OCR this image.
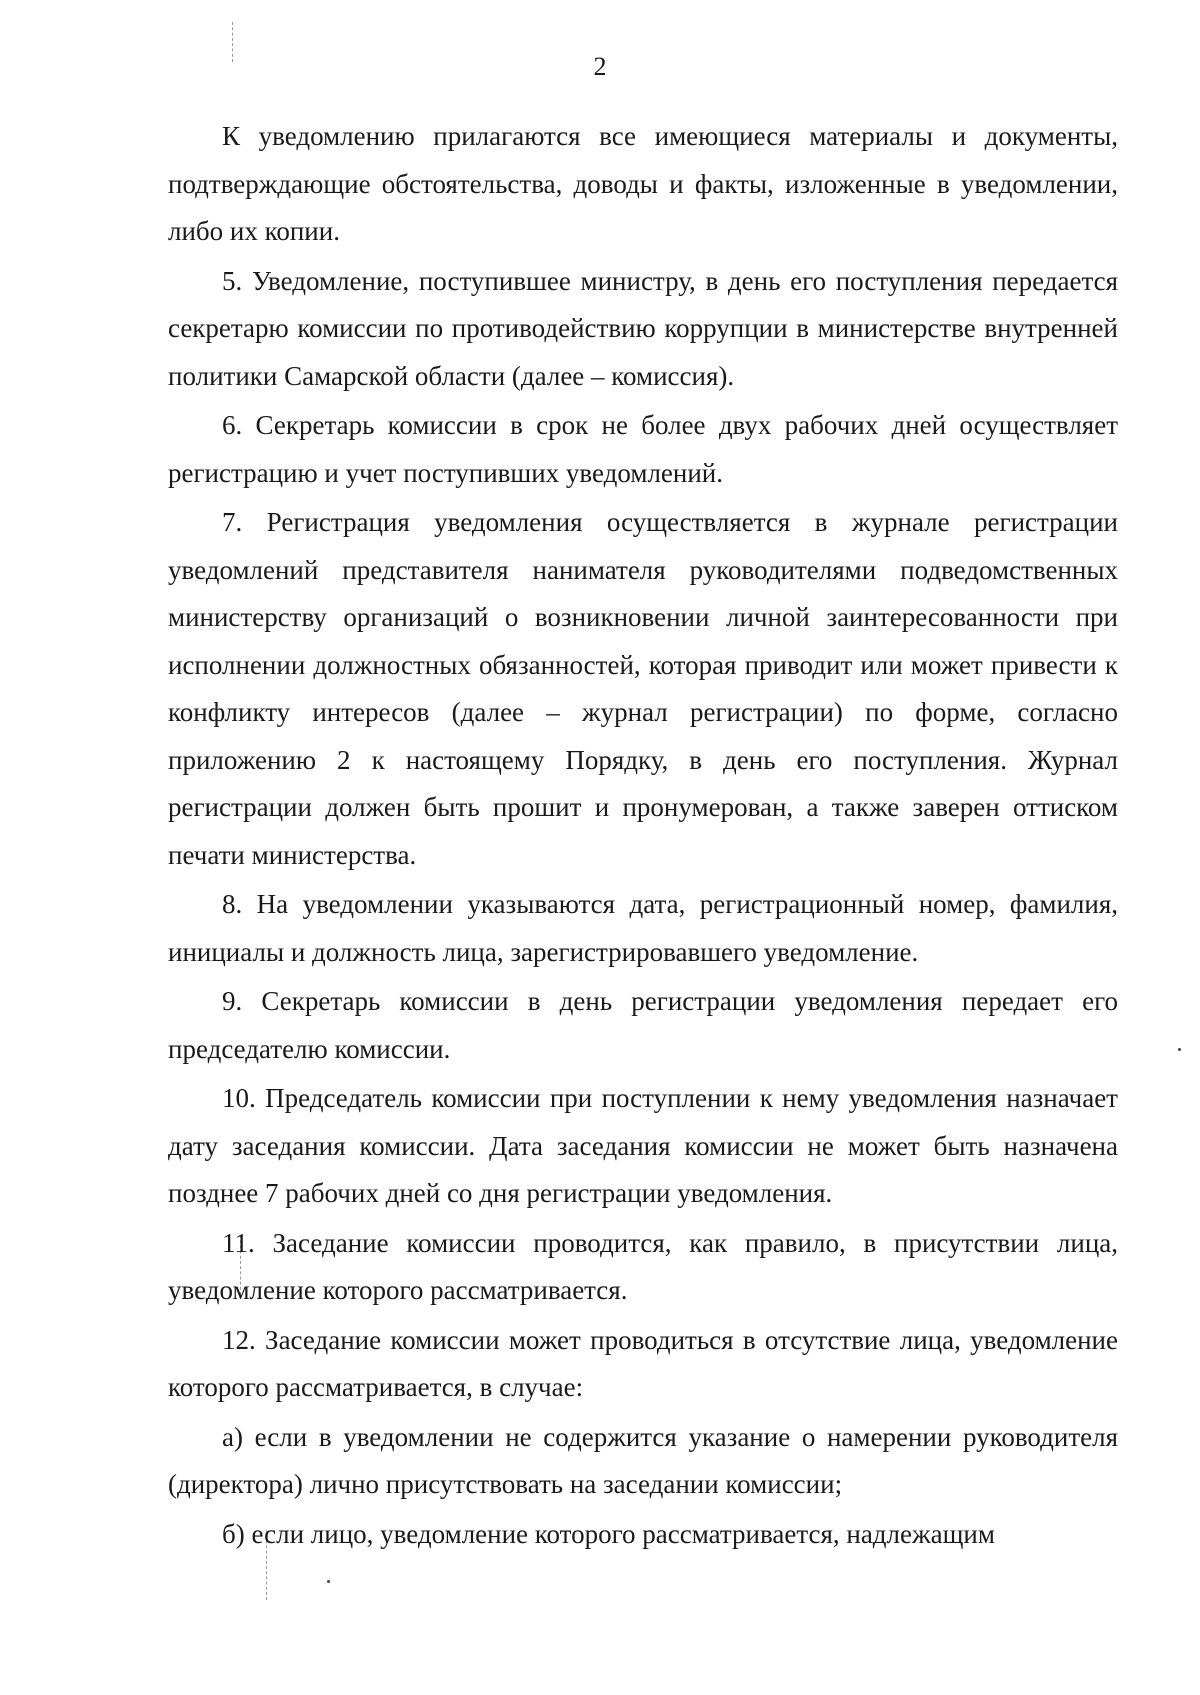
2

К уведомлению прилагаются все имеющиеся материалы и документы, подтверждающие обстоятельства, доводы и факты, изложенные в уведомлении, либо их копии.

5. Уведомление, поступившее министру, в день его поступления передается секретарю комиссии по противодействию коррупции в министерстве внутренней политики Самарской области (далее – комиссия).

6. Секретарь комиссии в срок не более двух рабочих дней осуществляет регистрацию и учет поступивших уведомлений.

7. Регистрация уведомления осуществляется в журнале регистрации уведомлений представителя нанимателя руководителями подведомственных министерству организаций о возникновении личной заинтересованности при исполнении должностных обязанностей, которая приводит или может привести к конфликту интересов (далее – журнал регистрации) по форме, согласно приложению 2 к настоящему Порядку, в день его поступления. Журнал регистрации должен быть прошит и пронумерован, а также заверен оттиском печати министерства.

8. На уведомлении указываются дата, регистрационный номер, фамилия, инициалы и должность лица, зарегистрировавшего уведомление.

9. Секретарь комиссии в день регистрации уведомления передает его председателю комиссии.

10. Председатель комиссии при поступлении к нему уведомления назначает дату заседания комиссии. Дата заседания комиссии не может быть назначена позднее 7 рабочих дней со дня регистрации уведомления.

11. Заседание комиссии проводится, как правило, в присутствии лица, уведомление которого рассматривается.

12. Заседание комиссии может проводиться в отсутствие лица, уведомление которого рассматривается, в случае:

а) если в уведомлении не содержится указание о намерении руководителя (директора) лично присутствовать на заседании комиссии;

б) если лицо, уведомление которого рассматривается, надлежащим
